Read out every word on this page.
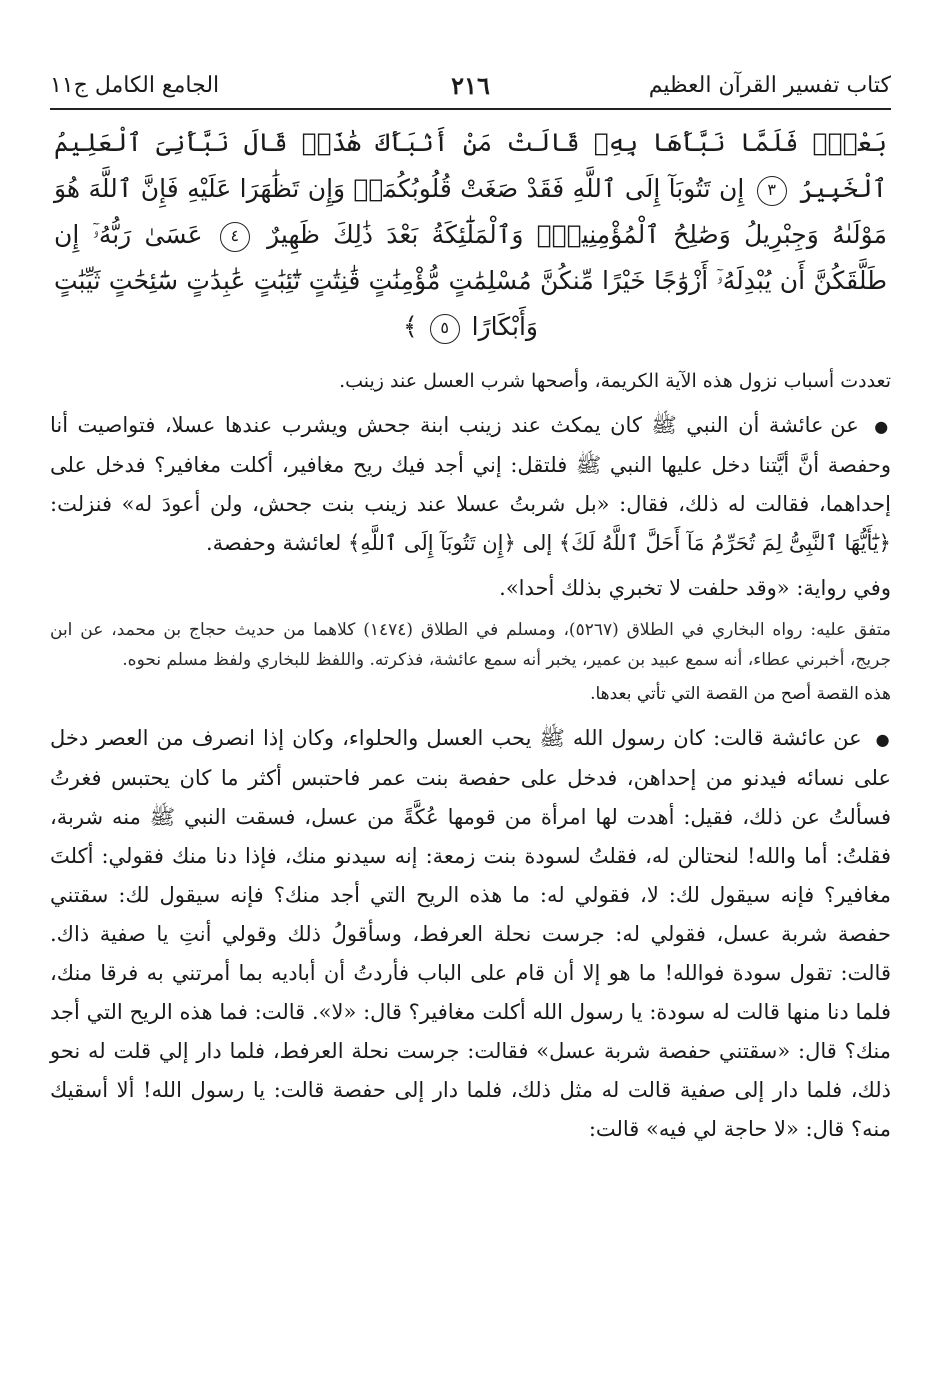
كتاب تفسير القرآن العظيم
٢١٦
الجامع الكامل ج١١
بَعْضٍۖ فَلَمَّا نَبَّأَهَا بِهِۦ قَالَتْ مَنْ أَنۢبَأَكَ هَٰذَاۖ قَالَ نَبَّأَنِىَ ٱلْعَلِيمُ ٱلْخَبِيرُ ٣ إِن تَتُوبَآ إِلَى ٱللَّهِ فَقَدْ صَغَتْ قُلُوبُكُمَاۖ وَإِن تَظَٰهَرَا عَلَيْهِ فَإِنَّ ٱللَّهَ هُوَ مَوْلَىٰهُ وَجِبْرِيلُ وَصَٰلِحُ ٱلْمُؤْمِنِينَۖ وَٱلْمَلَٰٓئِكَةُ بَعْدَ ذَٰلِكَ ظَهِيرٌ ٤ عَسَىٰ رَبُّهُۥٓ إِن طَلَّقَكُنَّ أَن يُبْدِلَهُۥٓ أَزْوَٰجًا خَيْرًا مِّنكُنَّ مُسْلِمَٰتٍ مُّؤْمِنَٰتٍ قَٰنِتَٰتٍ تَٰٓئِبَٰتٍ عَٰبِدَٰتٍ سَٰٓئِحَٰتٍ ثَيِّبَٰتٍ وَأَبْكَارًا ٥ ﴾
تعددت أسباب نزول هذه الآية الكريمة، وأصحها شرب العسل عند زينب.
● عن عائشة أن النبي ﷺ كان يمكث عند زينب ابنة جحش ويشرب عندها عسلا، فتواصيت أنا وحفصة أنَّ أيَّتنا دخل عليها النبي ﷺ فلتقل: إني أجد فيك ريح مغافير، أكلت مغافير؟ فدخل على إحداهما، فقالت له ذلك، فقال: «بل شربتُ عسلا عند زينب بنت جحش، ولن أعودَ له» فنزلت: ﴿يَٰٓأَيُّهَا ٱلنَّبِىُّ لِمَ تُحَرِّمُ مَآ أَحَلَّ ٱللَّهُ لَكَ﴾ إلى ﴿إِن تَتُوبَآ إِلَى ٱللَّهِ﴾ لعائشة وحفصة.
وفي رواية: «وقد حلفت لا تخبري بذلك أحدا».
متفق عليه: رواه البخاري في الطلاق (٥٢٦٧)، ومسلم في الطلاق (١٤٧٤) كلاهما من حديث حجاج بن محمد، عن ابن جريج، أخبرني عطاء، أنه سمع عبيد بن عمير، يخبر أنه سمع عائشة، فذكرته. واللفظ للبخاري ولفظ مسلم نحوه.
هذه القصة أصح من القصة التي تأتي بعدها.
● عن عائشة قالت: كان رسول الله ﷺ يحب العسل والحلواء، وكان إذا انصرف من العصر دخل على نسائه فيدنو من إحداهن، فدخل على حفصة بنت عمر فاحتبس أكثر ما كان يحتبس فغرتُ فسألتُ عن ذلك، فقيل: أهدت لها امرأة من قومها عُكَّةً من عسل، فسقت النبي ﷺ منه شربة، فقلتُ: أما والله! لنحتالن له، فقلتُ لسودة بنت زمعة: إنه سيدنو منك، فإذا دنا منك فقولي: أكلتَ مغافير؟ فإنه سيقول لك: لا، فقولي له: ما هذه الريح التي أجد منك؟ فإنه سيقول لك: سقتني حفصة شربة عسل، فقولي له: جرست نحلة العرفط، وسأقولُ ذلك وقولي أنتِ يا صفية ذاك. قالت: تقول سودة فوالله! ما هو إلا أن قام على الباب فأردتُ أن أباديه بما أمرتني به فرقا منك، فلما دنا منها قالت له سودة: يا رسول الله أكلت مغافير؟ قال: «لا». قالت: فما هذه الريح التي أجد منك؟ قال: «سقتني حفصة شربة عسل» فقالت: جرست نحلة العرفط، فلما دار إلي قلت له نحو ذلك، فلما دار إلى صفية قالت له مثل ذلك، فلما دار إلى حفصة قالت: يا رسول الله! ألا أسقيك منه؟ قال: «لا حاجة لي فيه» قالت:
